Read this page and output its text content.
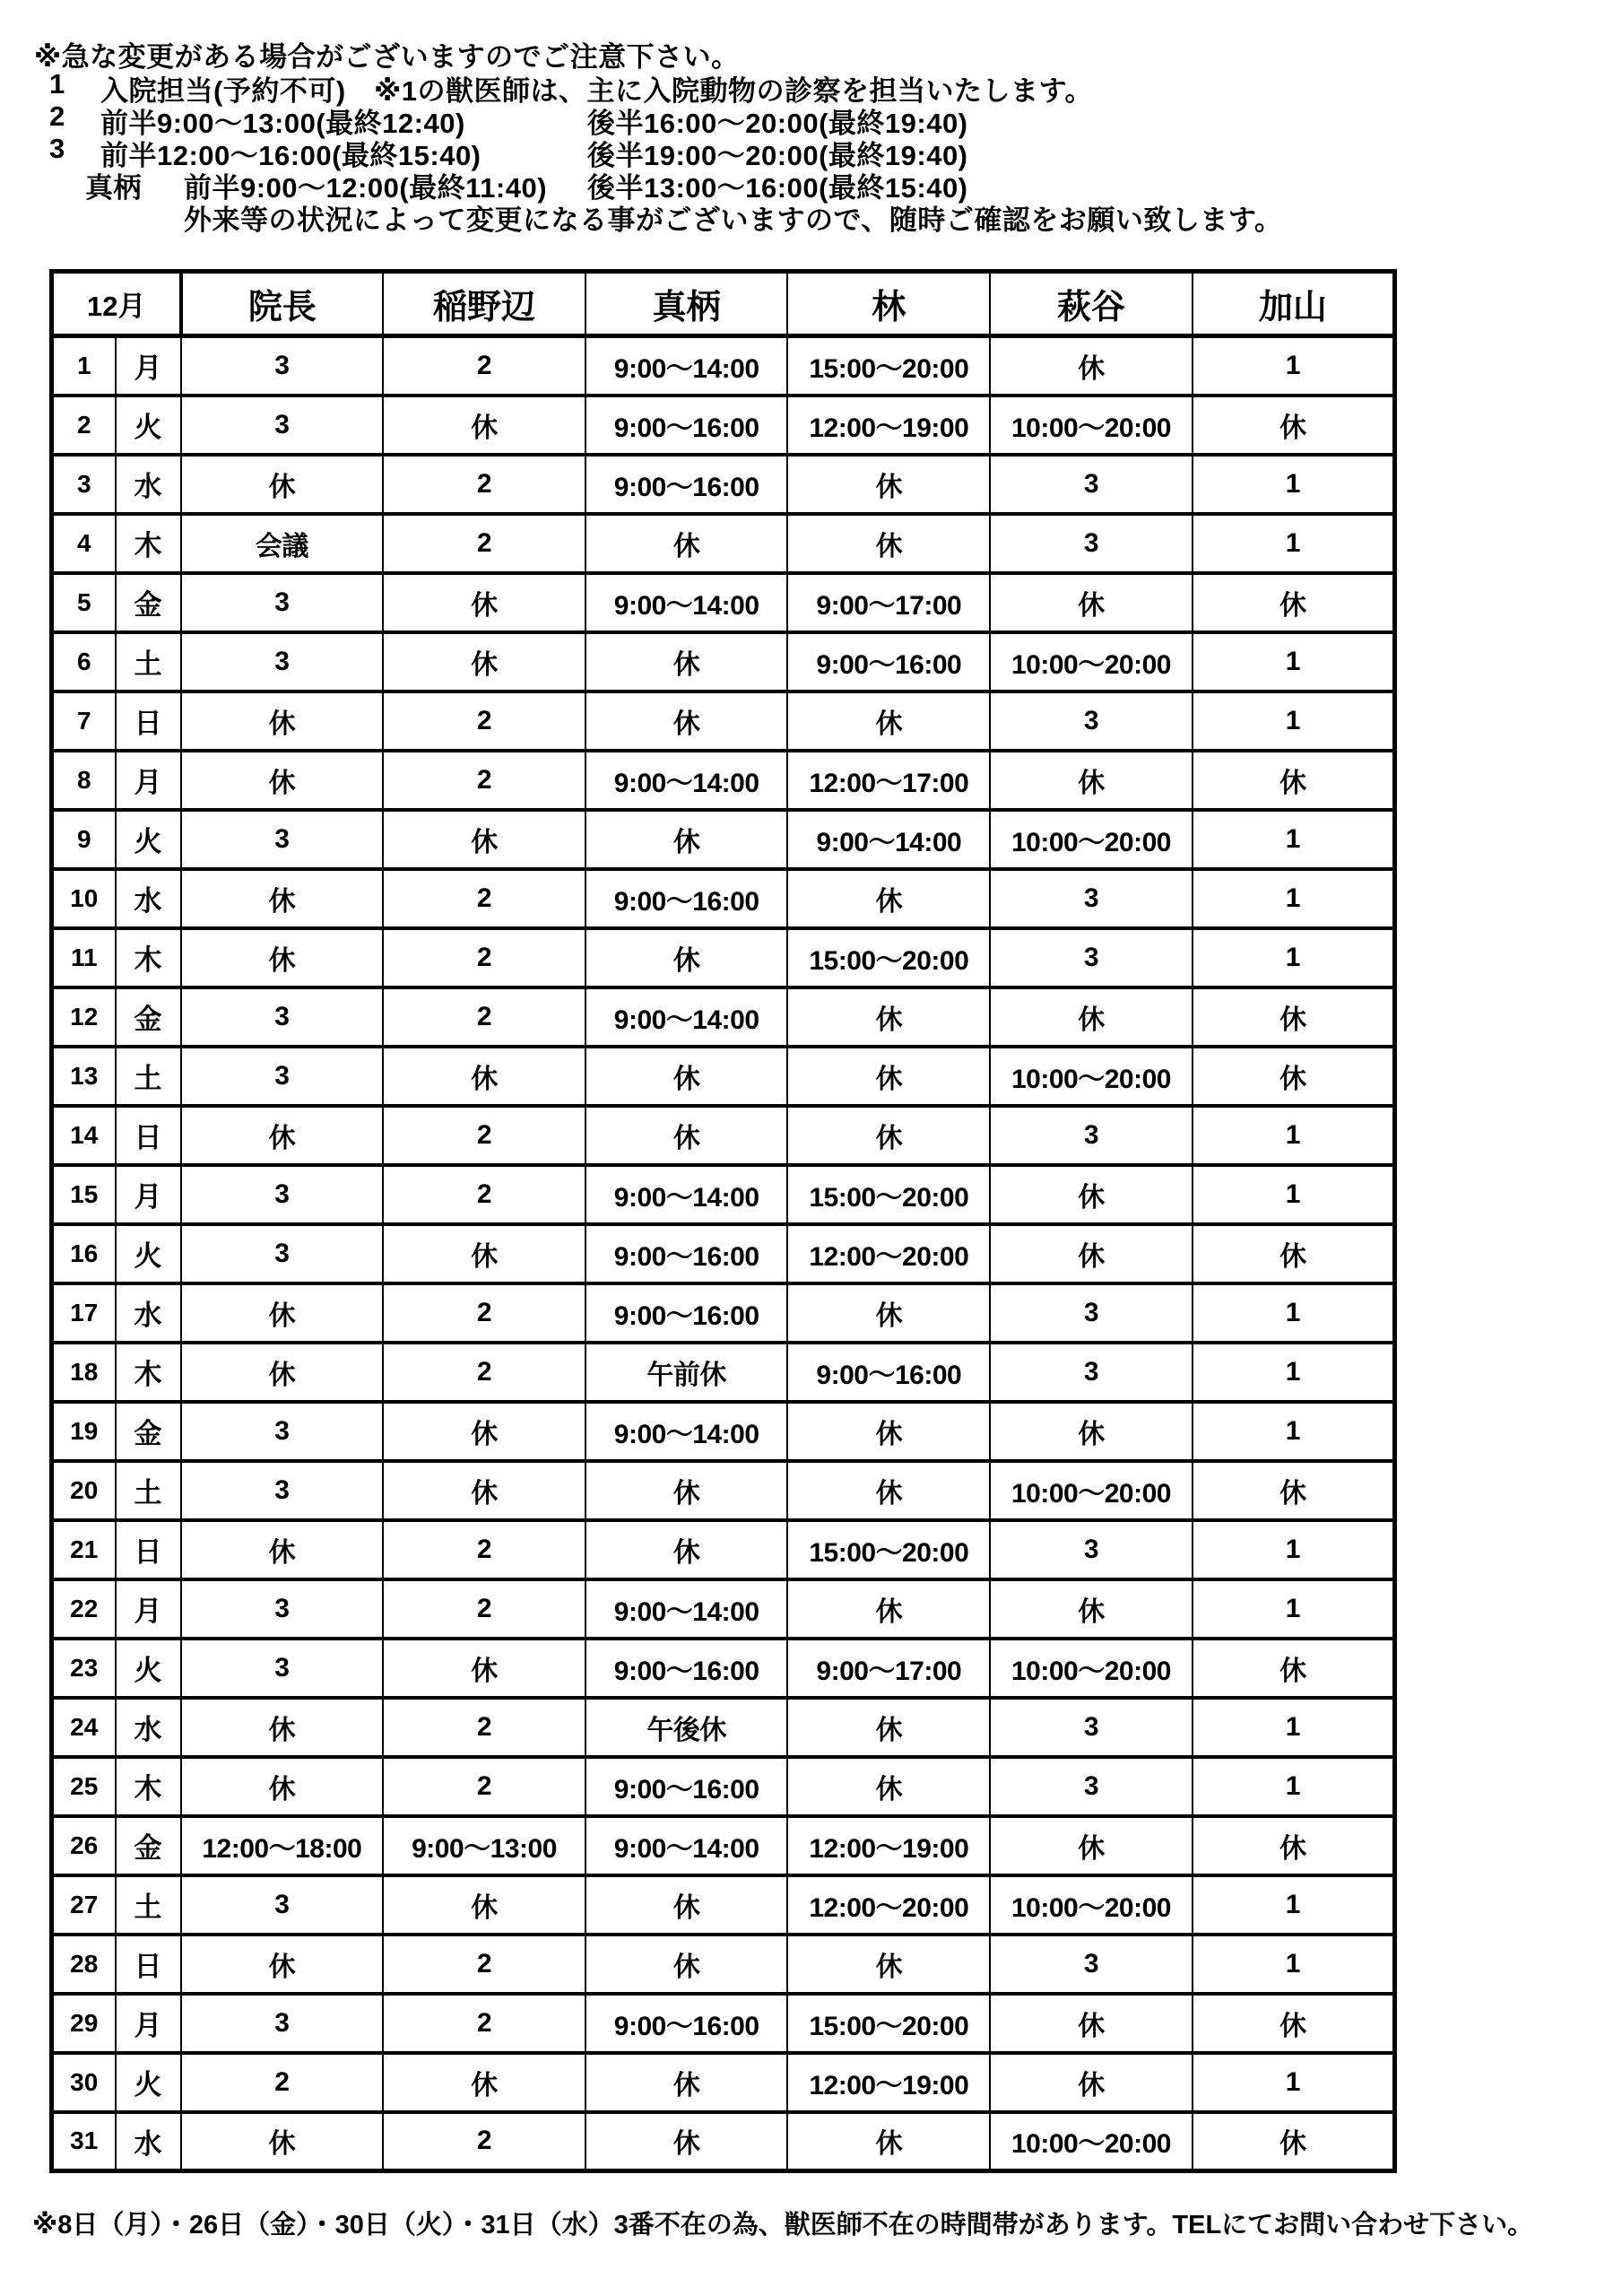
※急な変更がある場合がございますのでご注意下さい。
1 入院担当(予約不可)　※1の獣医師は、主に入院動物の診察を担当いたします。
2 前半9:00～13:00(最終12:40)	後半16:00～20:00(最終19:40)
3 前半12:00～16:00(最終15:40)	後半19:00～20:00(最終19:40)
真柄 前半9:00～12:00(最終11:40) 後半13:00～16:00(最終15:40)
外来等の状況によって変更になる事がございますので、随時ご確認をお願い致します。
12月		院長	稲野辺	真柄	林	萩谷	加山
1	月	3	2	9:00～14:00	15:00～20:00	休	1
2	火	3	休	9:00～16:00	12:00～19:00	10:00～20:00	休
3	水	休	2	9:00～16:00	休	3	1
4	木	会議	2	休	休	3	1
5	金	3	休	9:00～14:00	9:00～17:00	休	休
6	土	3	休	休	9:00～16:00	10:00～20:00	1
7	日	休	2	休	休	3	1
8	月	休	2	9:00～14:00	12:00～17:00	休	休
9	火	3	休	休	9:00～14:00	10:00～20:00	1
10	水	休	2	9:00～16:00	休	3	1
11	木	休	2	休	15:00～20:00	3	1
12	金	3	2	9:00～14:00	休	休	休
13	土	3	休	休	休	10:00～20:00	休
14	日	休	2	休	休	3	1
15	月	3	2	9:00～14:00	15:00～20:00	休	1
16	火	3	休	9:00～16:00	12:00～20:00	休	休
17	水	休	2	9:00～16:00	休	3	1
18	木	休	2	午前休	9:00～16:00	3	1
19	金	3	休	9:00～14:00	休	休	1
20	土	3	休	休	休	10:00～20:00	休
21	日	休	2	休	15:00～20:00	3	1
22	月	3	2	9:00～14:00	休	休	1
23	火	3	休	9:00～16:00	9:00～17:00	10:00～20:00	休
24	水	休	2	午後休	休	3	1
25	木	休	2	9:00～16:00	休	3	1
26	金	12:00～18:00	9:00～13:00	9:00～14:00	12:00～19:00	休	休
27	土	3	休	休	12:00～20:00	10:00～20:00	1
28	日	休	2	休	休	3	1
29	月	3	2	9:00～16:00	15:00～20:00	休	休
30	火	2	休	休	12:00～19:00	休	1
31	水	休	2	休	休	10:00～20:00	休
※8日（月）・26日（金）・30日（火）・31日（水）3番不在の為、獣医師不在の時間帯があります。TELにてお問い合わせ下さい。
